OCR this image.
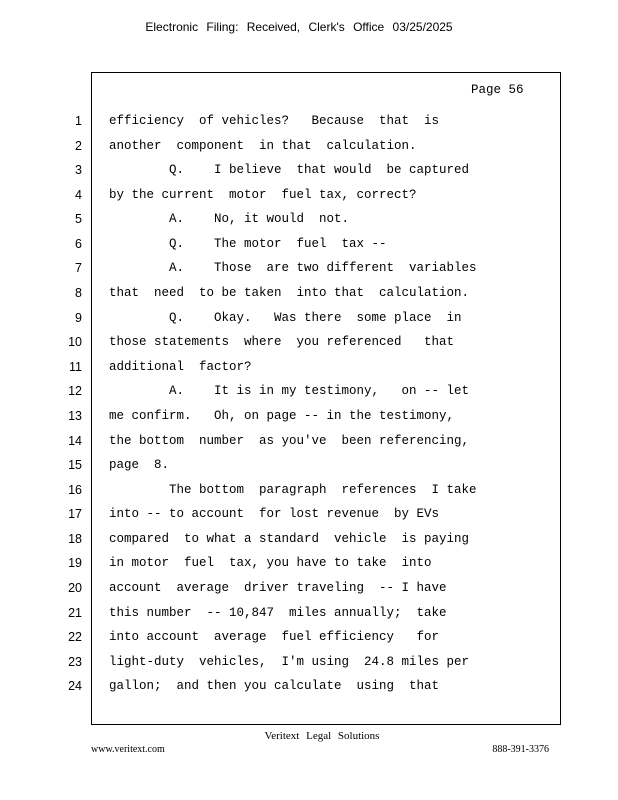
Electronic Filing: Received, Clerk's Office 03/25/2025
Page 56
1 efficiency  of vehicles?   Because  that  is
2 another  component  in that  calculation.
3 Q.    I believe  that would  be captured
4 by the current  motor  fuel tax, correct?
5 A.    No, it would  not.
6 Q.    The motor  fuel  tax --
7 A.    Those  are two different  variables
8 that  need  to be taken  into that  calculation.
9 Q.    Okay.   Was there  some place  in
10 those statements  where  you referenced   that
11 additional  factor?
12 A.    It is in my testimony,   on -- let
13 me confirm.   Oh, on page -- in the testimony,
14 the bottom  number  as you've  been referencing,
15 page  8.
16 The bottom  paragraph  references  I take
17 into -- to account  for lost revenue  by EVs
18 compared  to what a standard  vehicle  is paying
19 in motor  fuel  tax, you have to take  into
20 account  average  driver traveling  -- I have
21 this number  -- 10,847  miles annually;  take
22 into account  average  fuel efficiency   for
23 light-duty  vehicles,  I'm using  24.8 miles per
24 gallon;  and then you calculate  using  that
Veritext Legal Solutions
www.veritext.com	888-391-3376
